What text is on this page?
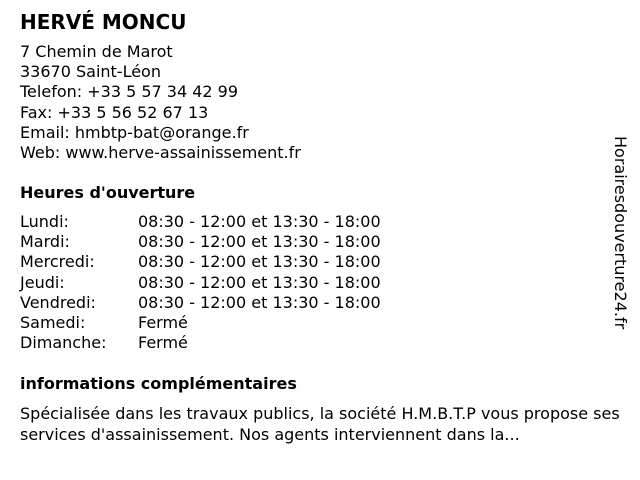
HERVÉ MONCU
7 Chemin de Marot
33670 Saint-Léon
Telefon: +33 5 57 34 42 99
Fax: +33 5 56 52 67 13
Email: hmbtp-bat@orange.fr
Web: www.herve-assainissement.fr
Heures d'ouverture
Lundi:	08:30 - 12:00 et 13:30 - 18:00
Mardi:	08:30 - 12:00 et 13:30 - 18:00
Mercredi:	08:30 - 12:00 et 13:30 - 18:00
Jeudi:	08:30 - 12:00 et 13:30 - 18:00
Vendredi:	08:30 - 12:00 et 13:30 - 18:00
Samedi:	Fermé
Dimanche: Fermé
informations complémentaires
Spécialisée dans les travaux publics, la société H.M.B.T.P vous propose ses services d'assainissement. Nos agents interviennent dans la...
Horairesdouverture24.fr
